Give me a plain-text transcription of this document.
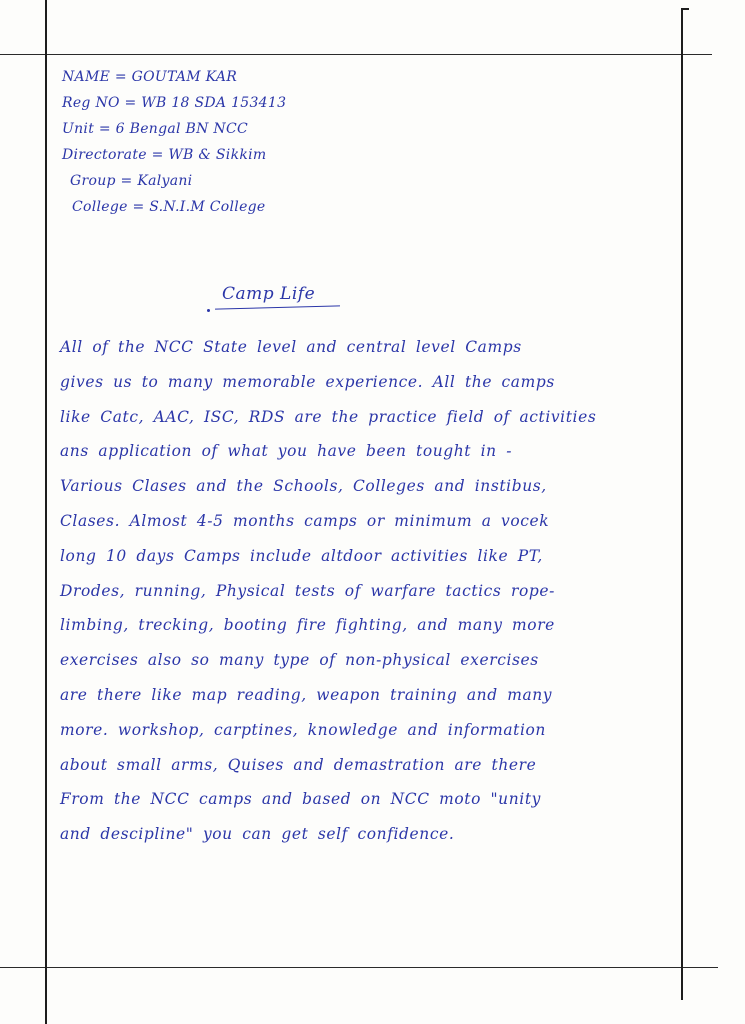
NAME = GOUTAM KAR
Reg NO = WB 18 SDA 153413
Unit = 6 Bengal BN NCC
Directorate = WB & Sikkim
Group = Kalyani
College = S.N.I.M College
Camp Life
All of the NCC State level and central level Camps
gives us to many memorable experience. All the camps
like Catc, AAC, ISC, RDS are the practice field of activities
ans application of what you have been tought in -
Various Clases and the Schools, Colleges and instibus,
Clases. Almost 4-5 months camps or minimum a vocek
long 10 days Camps include altdoor activities like PT,
Drodes, running, Physical tests of warfare tactics rope-
limbing, trecking, booting fire fighting, and many more
exercises also so many type of non-physical exercises
are there like map reading, weapon training and many
more. workshop, carptines, knowledge and information
about small arms, Quises and demastration are there
From the NCC camps and based on NCC moto "unity
and descipline" you can get self confidence.
